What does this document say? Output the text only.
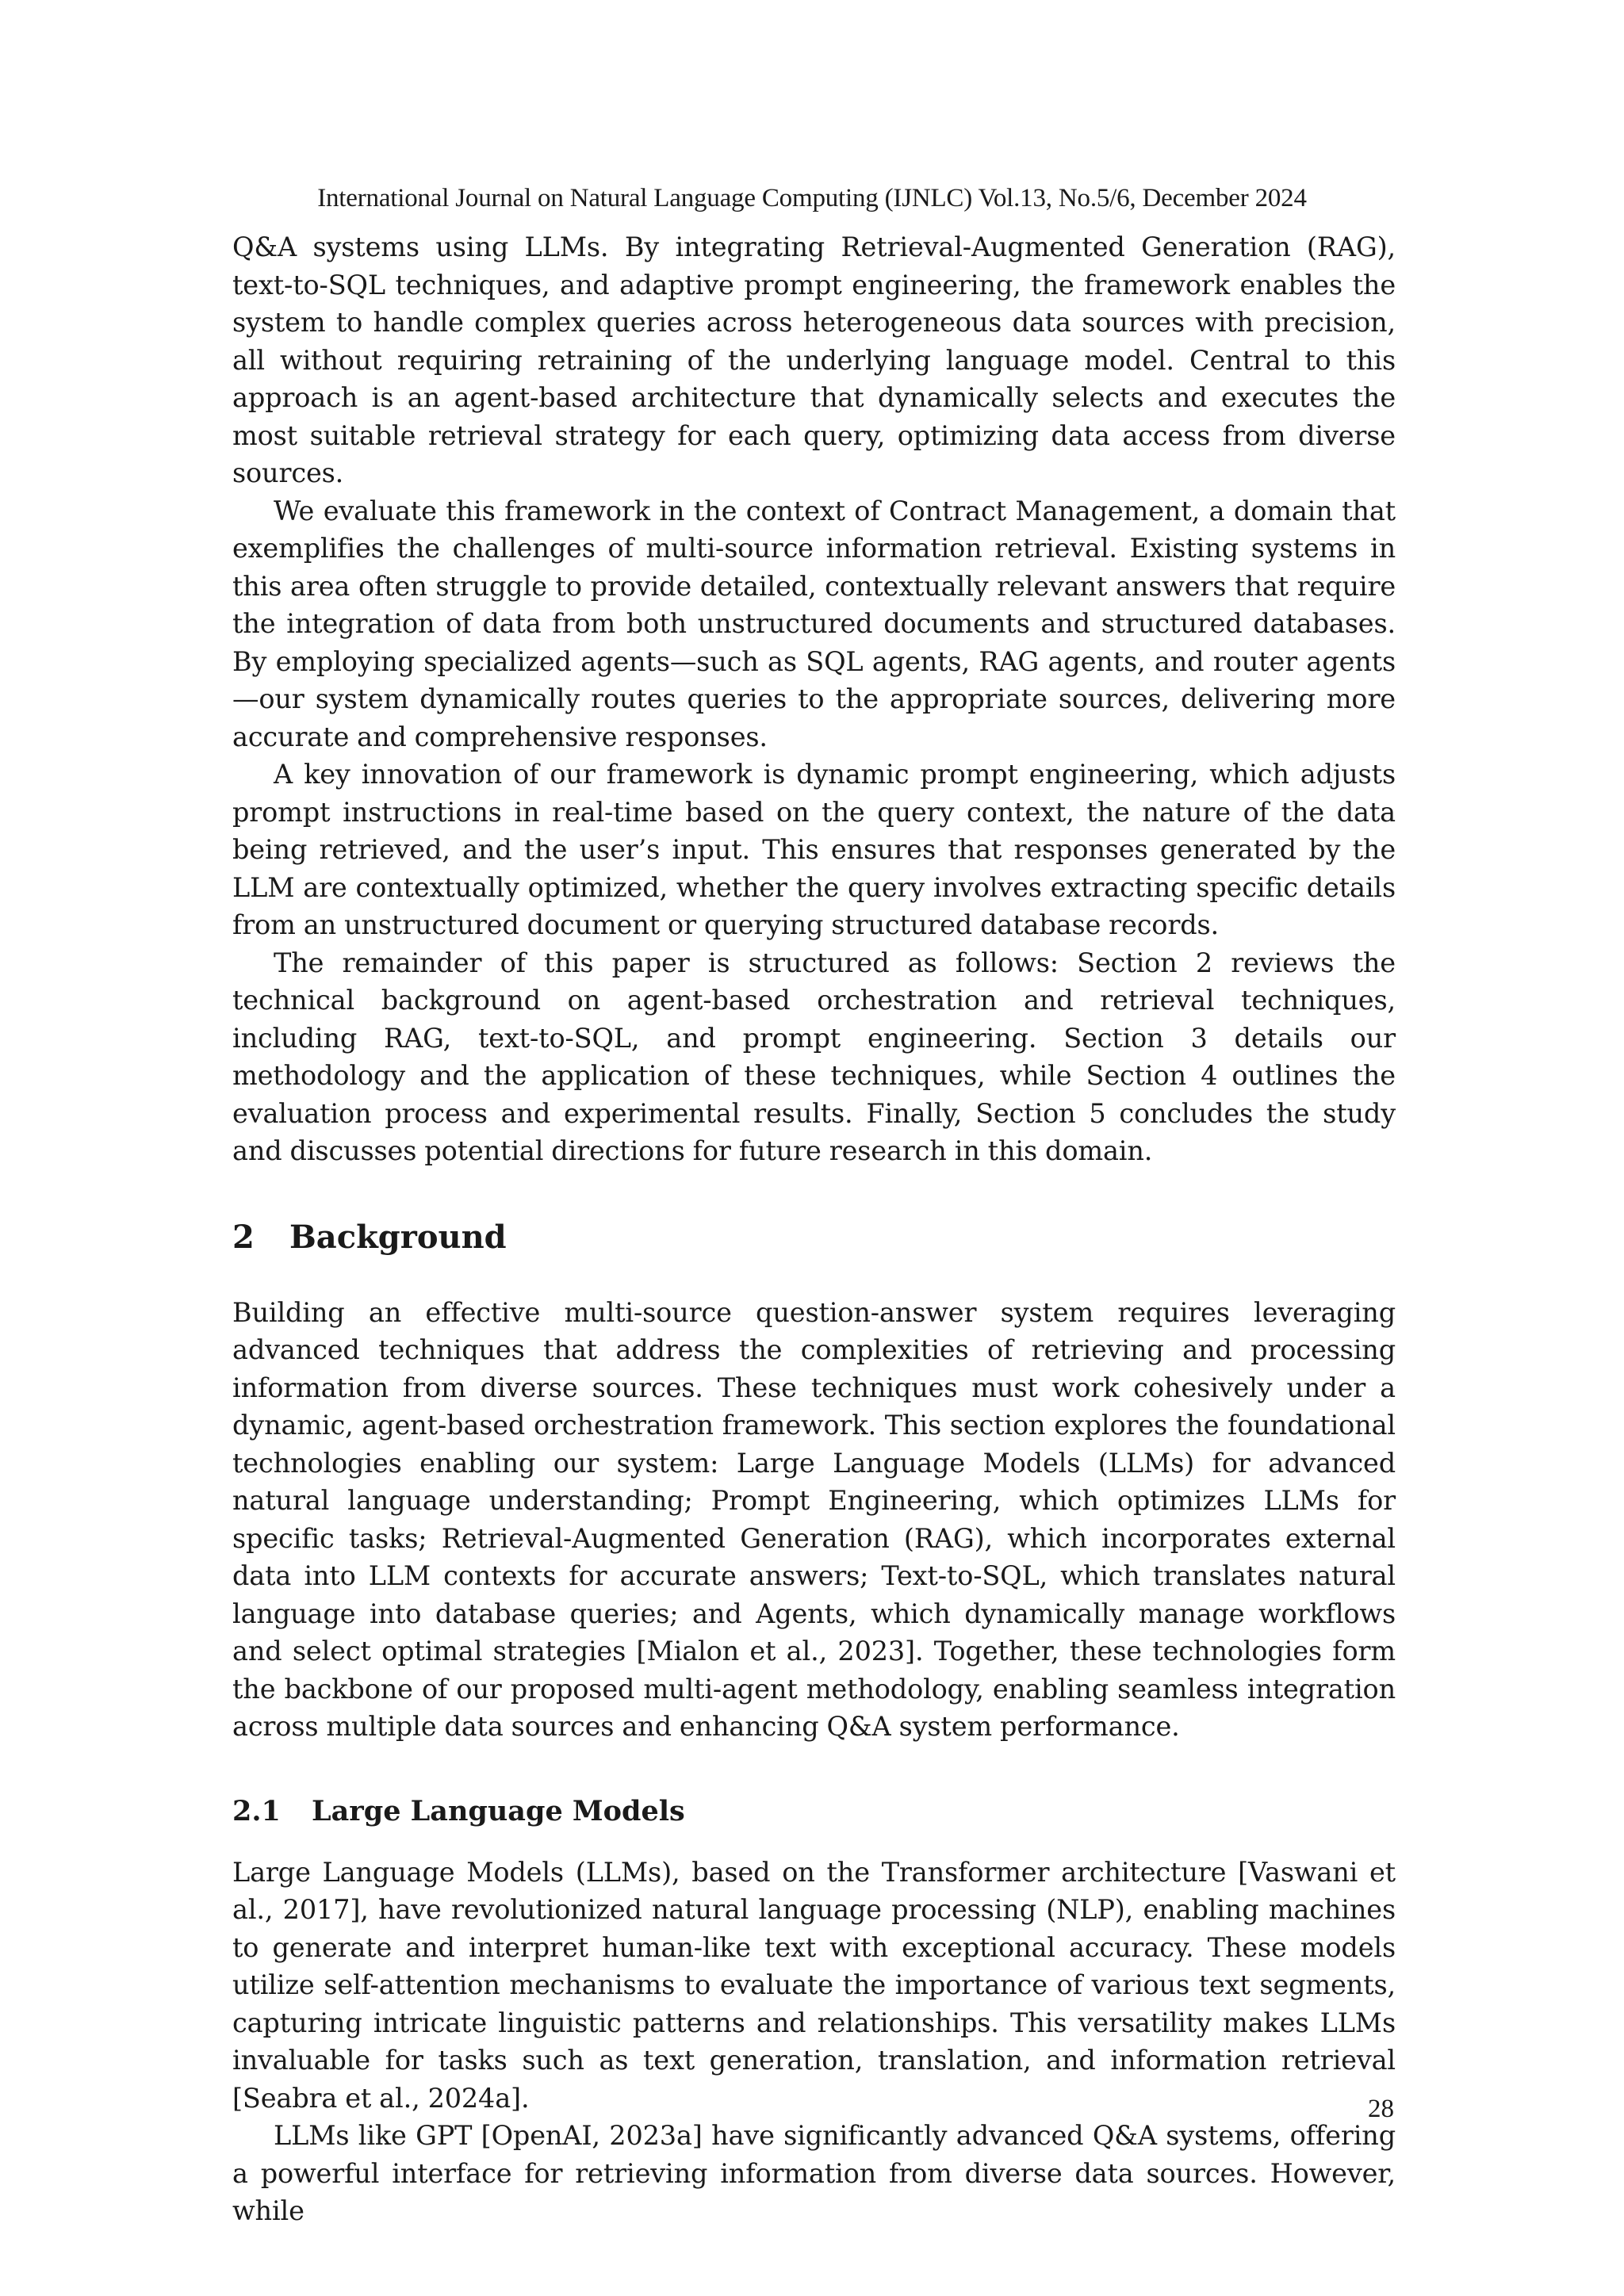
International Journal on Natural Language Computing (IJNLC) Vol.13, No.5/6, December 2024

Q&A systems using LLMs. By integrating Retrieval-Augmented Generation (RAG), text-to-SQL techniques, and adaptive prompt engineering, the framework enables the system to handle complex queries across heterogeneous data sources with precision, all without requiring retraining of the underlying language model. Central to this approach is an agent-based architecture that dynamically selects and executes the most suitable retrieval strategy for each query, optimizing data access from diverse sources.

We evaluate this framework in the context of Contract Management, a domain that exemplifies the challenges of multi-source information retrieval. Existing systems in this area often struggle to provide detailed, contextually relevant answers that require the integration of data from both unstructured documents and structured databases. By employing specialized agents—such as SQL agents, RAG agents, and router agents—our system dynamically routes queries to the appropriate sources, delivering more accurate and comprehensive responses.

A key innovation of our framework is dynamic prompt engineering, which adjusts prompt instructions in real-time based on the query context, the nature of the data being retrieved, and the user’s input. This ensures that responses generated by the LLM are contextually optimized, whether the query involves extracting specific details from an unstructured document or querying structured database records.

The remainder of this paper is structured as follows: Section 2 reviews the technical background on agent-based orchestration and retrieval techniques, including RAG, text-to-SQL, and prompt engineering. Section 3 details our methodology and the application of these techniques, while Section 4 outlines the evaluation process and experimental results. Finally, Section 5 concludes the study and discusses potential directions for future research in this domain.

2	Background

Building an effective multi-source question-answer system requires leveraging advanced techniques that address the complexities of retrieving and processing information from diverse sources. These techniques must work cohesively under a dynamic, agent-based orchestration framework. This section explores the foundational technologies enabling our system: Large Language Models (LLMs) for advanced natural language understanding; Prompt Engineering, which optimizes LLMs for specific tasks; Retrieval-Augmented Generation (RAG), which incorporates external data into LLM contexts for accurate answers; Text-to-SQL, which translates natural language into database queries; and Agents, which dynamically manage workflows and select optimal strategies [Mialon et al., 2023]. Together, these technologies form the backbone of our proposed multi-agent methodology, enabling seamless integration across multiple data sources and enhancing Q&A system performance.

2.1	Large Language Models

Large Language Models (LLMs), based on the Transformer architecture [Vaswani et al., 2017], have revolutionized natural language processing (NLP), enabling machines to generate and interpret human-like text with exceptional accuracy. These models utilize self-attention mechanisms to evaluate the importance of various text segments, capturing intricate linguistic patterns and relationships. This versatility makes LLMs invaluable for tasks such as text generation, translation, and information retrieval [Seabra et al., 2024a].

LLMs like GPT [OpenAI, 2023a] have significantly advanced Q&A systems, offering a powerful interface for retrieving information from diverse data sources. However, while

28
